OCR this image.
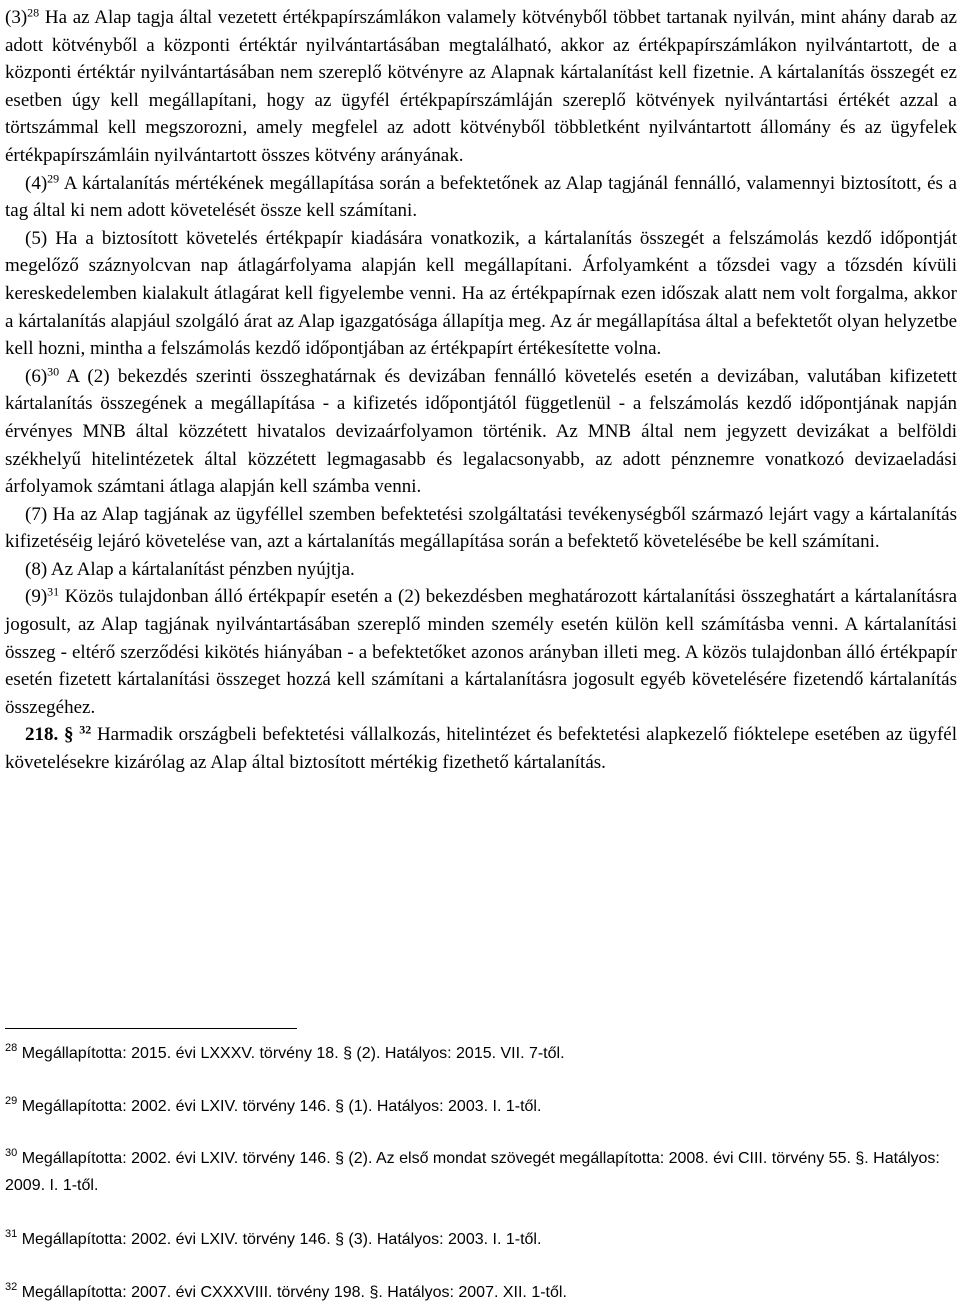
$(3)^{28}$ Ha az Alap tagja által vezetett értékpapírszámlákon valamely kötvényből többet tartanak nyilván, mint ahány darab az adott kötvényből a központi értéktár nyilvántartásában megtalálható, akkor az értékpapírszámlákon nyilvántartott, de a központi értéktár nyilvántartásában nem szereplő kötvényre az Alapnak kártalanítást kell fizetnie. A kártalanítás összegét ez esetben úgy kell megállapítani, hogy az ügyfél értékpapírszámláján szereplő kötvények nyilvántartási értékét azzal a törtszámmal kell megszorozni, amely megfelel az adott kötvényből többletként nyilvántartott állomány és az ügyfelek értékpapírszámláin nyilvántartott összes kötvény arányának.

$(4)^{29}$ A kártalanítás mértékének megállapítása során a befektetőnek az Alap tagjánál fennálló, valamennyi biztosított, és a tag által ki nem adott követelését össze kell számítani.

(5) Ha a biztosított követelés értékpapír kiadására vonatkozik, a kártalanítás összegét a felszámolás kezdő időpontját megelőző száznyolcvan nap átlagárfolyama alapján kell megállapítani. Árfolyamként a tőzsdei vagy a tőzsdén kívüli kereskedelemben kialakult átlagárat kell figyelembe venni. Ha az értékpapírnak ezen időszak alatt nem volt forgalma, akkor a kártalanítás alapjául szolgáló árat az Alap igazgatósága állapítja meg. Az ár megállapítása által a befektetőt olyan helyzetbe kell hozni, mintha a felszámolás kezdő időpontjában az értékpapírt értékesítette volna.

$(6)^{30}$ A (2) bekezdés szerinti összeghatárnak és devizában fennálló követelés esetén a devizában, valutában kifizetett kártalanítás összegének a megállapítása - a kifizetés időpontjától függetlenül - a felszámolás kezdő időpontjának napján érvényes MNB által közzétett hivatalos devizaárfolyamon történik. Az MNB által nem jegyzett devizákat a belföldi székhelyű hitelintézetek által közzétett legmagasabb és legalacsonyabb, az adott pénznemre vonatkozó devizaeladási árfolyamok számtani átlaga alapján kell számba venni.

(7) Ha az Alap tagjának az ügyféllel szemben befektetési szolgáltatási tevékenységből származó lejárt vagy a kártalanítás kifizetéséig lejáró követelése van, azt a kártalanítás megállapítása során a befektető követelésébe be kell számítani.

(8) Az Alap a kártalanítást pénzben nyújtja.

$(9)^{31}$ Közös tulajdonban álló értékpapír esetén a (2) bekezdésben meghatározott kártalanítási összeghatárt a kártalanításra jogosult, az Alap tagjának nyilvántartásában szereplő minden személy esetén külön kell számításba venni. A kártalanítási összeg - eltérő szerződési kikötés hiányában - a befektetőket azonos arányban illeti meg. A közös tulajdonban álló értékpapír esetén fizetett kártalanítási összeget hozzá kell számítani a kártalanításra jogosult egyéb követelésére fizetendő kártalanítás összegéhez.

218. § $^{32}$ Harmadik országbeli befektetési vállalkozás, hitelintézet és befektetési alapkezelő fióktelepe esetében az ügyfél követelésekre kizárólag az Alap által biztosított mértékig fizethető kártalanítás.

$^{28}$ Megállapította: 2015. évi LXXXV. törvény 18. § (2). Hatályos: 2015. VII. 7-től.

$^{29}$ Megállapította: 2002. évi LXIV. törvény 146. § (1). Hatályos: 2003. I. 1-től.

$^{30}$ Megállapította: 2002. évi LXIV. törvény 146. § (2). Az első mondat szövegét megállapította: 2008. évi CIII. törvény 55. §. Hatályos: 2009. I. 1-től.

$^{31}$ Megállapította: 2002. évi LXIV. törvény 146. § (3). Hatályos: 2003. I. 1-től.

$^{32}$ Megállapította: 2007. évi CXXXVIII. törvény 198. §. Hatályos: 2007. XII. 1-től.
